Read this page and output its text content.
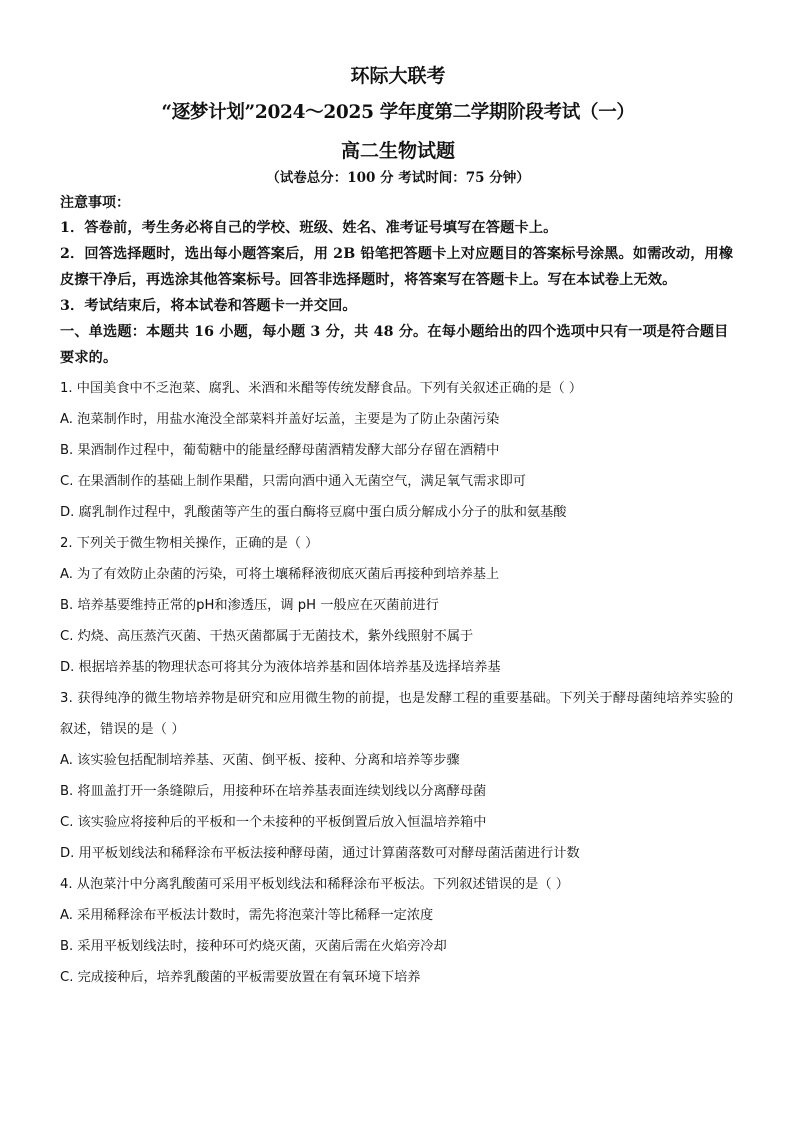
环际大联考
“逐梦计划”2024～2025 学年度第二学期阶段考试（一）
高二生物试题
（试卷总分：100 分 考试时间：75 分钟）
注意事项：
1．答卷前，考生务必将自己的学校、班级、姓名、准考证号填写在答题卡上。
2．回答选择题时，选出每小题答案后，用 2B 铅笔把答题卡上对应题目的答案标号涂黑。如需改动，用橡皮擦干净后，再选涂其他答案标号。回答非选择题时，将答案写在答题卡上。写在本试卷上无效。
3．考试结束后，将本试卷和答题卡一并交回。
一、单选题：本题共 16 小题，每小题 3 分，共 48 分。在每小题给出的四个选项中只有一项是符合题目要求的。
1. 中国美食中不乏泡菜、腐乳、米酒和米醋等传统发酵食品。下列有关叙述正确的是（ ）
A. 泡菜制作时，用盐水淹没全部菜料并盖好坛盖，主要是为了防止杂菌污染
B. 果酒制作过程中，葡萄糖中的能量经酵母菌酒精发酵大部分存留在酒精中
C. 在果酒制作的基础上制作果醋，只需向酒中通入无菌空气，满足氧气需求即可
D. 腐乳制作过程中，乳酸菌等产生的蛋白酶将豆腐中蛋白质分解成小分子的肽和氨基酸
2. 下列关于微生物相关操作，正确的是（ ）
A. 为了有效防止杂菌的污染，可将土壤稀释液彻底灭菌后再接种到培养基上
B. 培养基要维持正常的pH和渗透压，调 pH 一般应在灭菌前进行
C. 灼烧、高压蒸汽灭菌、干热灭菌都属于无菌技术，紫外线照射不属于
D. 根据培养基的物理状态可将其分为液体培养基和固体培养基及选择培养基
3. 获得纯净的微生物培养物是研究和应用微生物的前提，也是发酵工程的重要基础。下列关于酵母菌纯培养实验的叙述，错误的是（ ）
A. 该实验包括配制培养基、灭菌、倒平板、接种、分离和培养等步骤
B. 将皿盖打开一条缝隙后，用接种环在培养基表面连续划线以分离酵母菌
C. 该实验应将接种后的平板和一个未接种的平板倒置后放入恒温培养箱中
D. 用平板划线法和稀释涂布平板法接种酵母菌，通过计算菌落数可对酵母菌活菌进行计数
4. 从泡菜汁中分离乳酸菌可采用平板划线法和稀释涂布平板法。下列叙述错误的是（ ）
A. 采用稀释涂布平板法计数时，需先将泡菜汁等比稀释一定浓度
B. 采用平板划线法时，接种环可灼烧灭菌，灭菌后需在火焰旁冷却
C. 完成接种后，培养乳酸菌的平板需要放置在有氧环境下培养
